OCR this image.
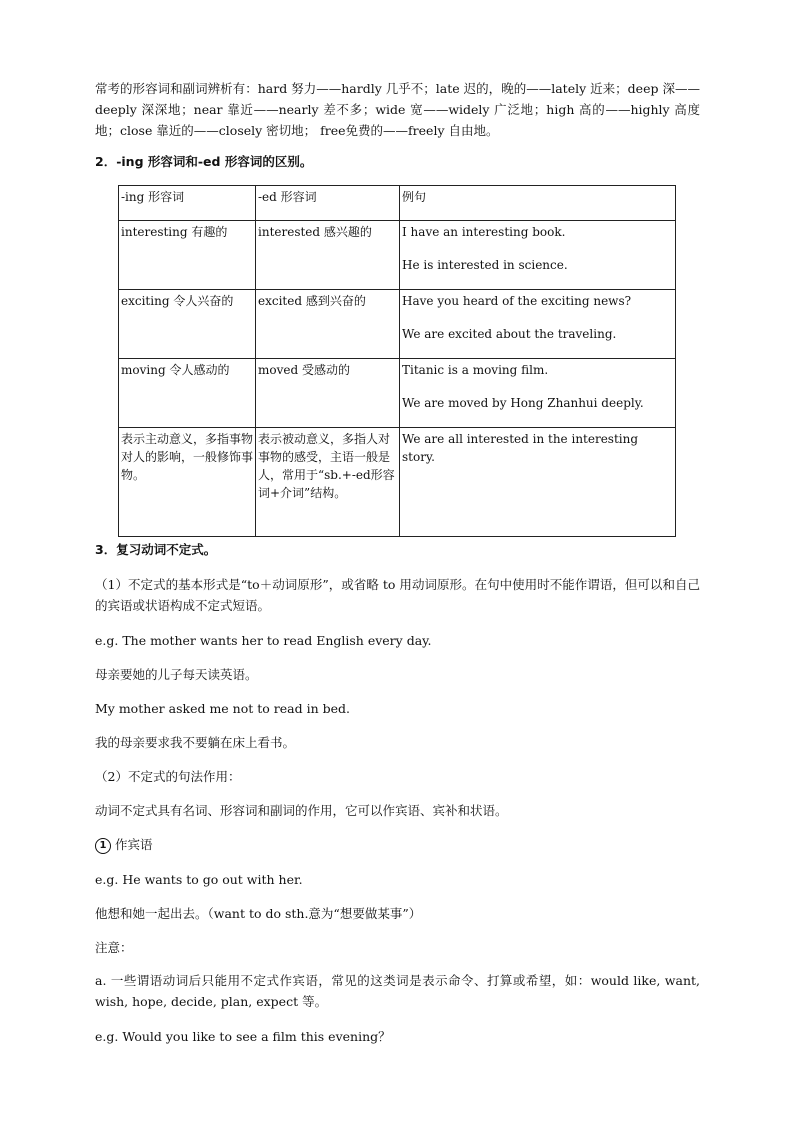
常考的形容词和副词辨析有：hard 努力——hardly 几乎不；late 迟的，晚的——lately 近来；deep 深——deeply 深深地；near 靠近——nearly 差不多；wide 宽——widely 广泛地；high 高的——highly 高度地；close 靠近的——closely 密切地； free免费的——freely 自由地。

2．-ing 形容词和-ed 形容词的区别。

-ing 形容词	-ed 形容词	例句
interesting 有趣的	interested 感兴趣的	I have an interesting book.

He is interested in science.

exciting 令人兴奋的	excited 感到兴奋的	Have you heard of the exciting news?

We are excited about the traveling.

moving 令人感动的	moved 受感动的	Titanic is a moving film.

We are moved by Hong Zhanhui deeply.

表示主动意义，多指事物对人的影响，一般修饰事物。	表示被动意义，多指人对事物的感受，主语一般是人，常用于“sb.+-ed形容词+介词”结构。	We are all interested in the interesting story.

3．复习动词不定式。

（1）不定式的基本形式是“to＋动词原形”，或省略 to 用动词原形。在句中使用时不能作谓语，但可以和自己的宾语或状语构成不定式短语。

e.g. The mother wants her to read English every day.

母亲要她的儿子每天读英语。

My mother asked me not to read in bed.

我的母亲要求我不要躺在床上看书。

（2）不定式的句法作用：

动词不定式具有名词、形容词和副词的作用，它可以作宾语、宾补和状语。

1 作宾语

e.g. He wants to go out with her.

他想和她一起出去。（want to do sth.意为“想要做某事”）

注意：

a. 一些谓语动词后只能用不定式作宾语，常见的这类词是表示命令、打算或希望，如：would like, want, wish, hope, decide, plan, expect 等。

e.g. Would you like to see a film this evening？
